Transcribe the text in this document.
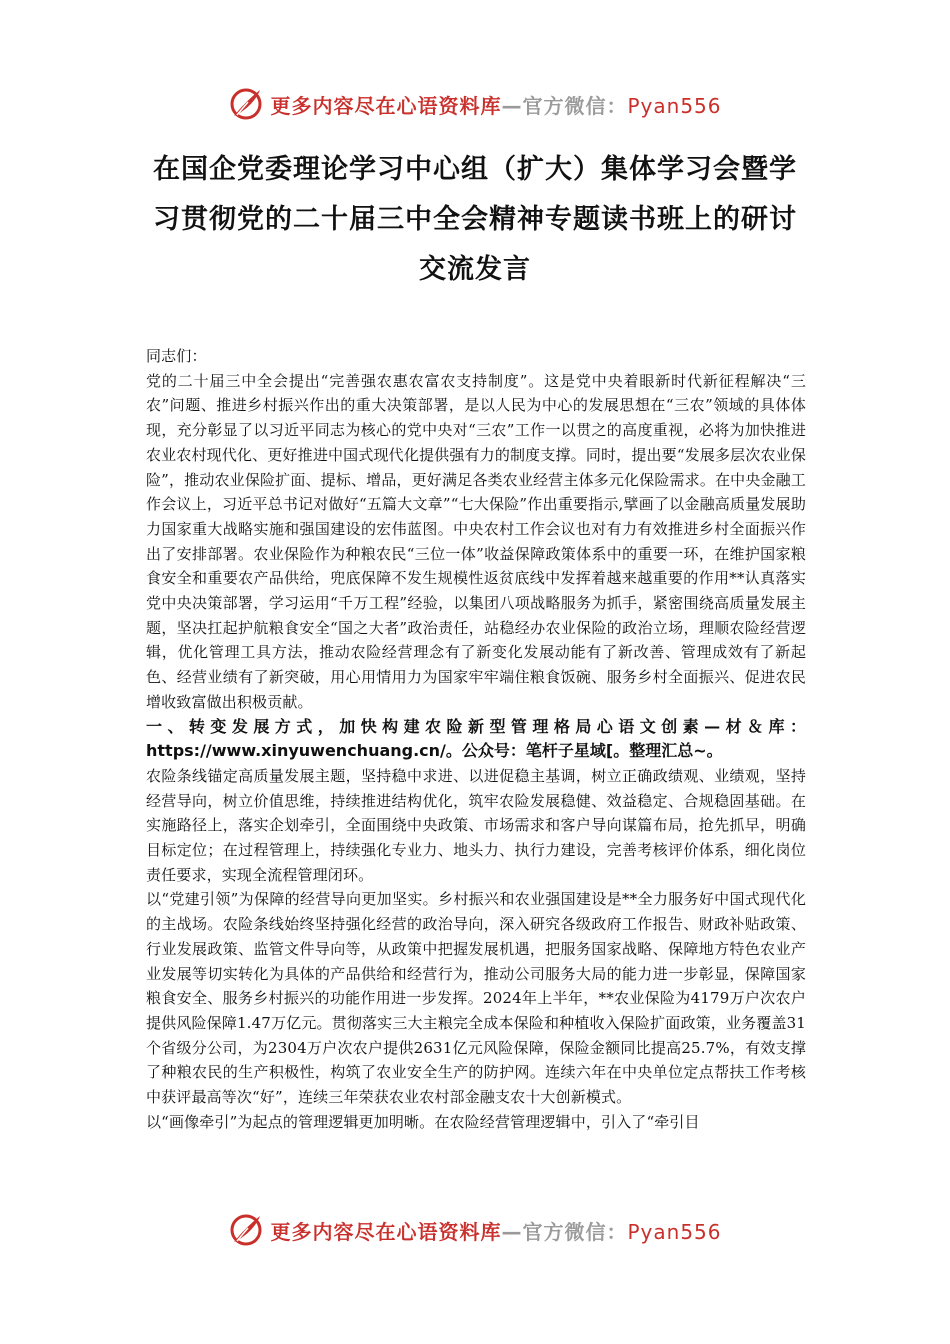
更多内容尽在心语资料库—官方微信：Pyan556
在国企党委理论学习中心组（扩大）集体学习会暨学
习贯彻党的二十届三中全会精神专题读书班上的研讨
交流发言

同志们：

党的二十届三中全会提出“完善强农惠农富农支持制度”。这是党中央着眼新时代新征程解决“三农”问题、推进乡村振兴作出的重大决策部署，是以人民为中心的发展思想在“三农”领域的具体体现，充分彰显了以习近平同志为核心的党中央对“三农”工作一以贯之的高度重视，必将为加快推进农业农村现代化、更好推进中国式现代化提供强有力的制度支撑。同时，提出要“发展多层次农业保险”，推动农业保险扩面、提标、增品，更好满足各类农业经营主体多元化保险需求。在中央金融工作会议上，习近平总书记对做好“五篇大文章”“七大保险”作出重要指示,擘画了以金融高质量发展助力国家重大战略实施和强国建设的宏伟蓝图。中央农村工作会议也对有力有效推进乡村全面振兴作出了安排部署。农业保险作为种粮农民“三位一体”收益保障政策体系中的重要一环，在维护国家粮食安全和重要农产品供给，兜底保障不发生规模性返贫底线中发挥着越来越重要的作用**认真落实党中央决策部署，学习运用“千万工程”经验，以集团八项战略服务为抓手，紧密围绕高质量发展主题，坚决扛起护航粮食安全“国之大者”政治责任，站稳经办农业保险的政治立场，理顺农险经营逻辑，优化管理工具方法，推动农险经营理念有了新变化发展动能有了新改善、管理成效有了新起色、经营业绩有了新突破，用心用情用力为国家牢牢端住粮食饭碗、服务乡村全面振兴、促进农民增收致富做出积极贡献。

一、转变发展方式，加快构建农险新型管理格局心语文创素—材＆库：https://www.xinyuwenchuang.cn/。公众号：笔杆子星域[。整理汇总~。

农险条线锚定高质量发展主题，坚持稳中求进、以进促稳主基调，树立正确政绩观、业绩观，坚持经营导向，树立价值思维，持续推进结构优化，筑牢农险发展稳健、效益稳定、合规稳固基础。在实施路径上，落实企划牵引，全面围绕中央政策、市场需求和客户导向谋篇布局，抢先抓早，明确目标定位；在过程管理上，持续强化专业力、地头力、执行力建设，完善考核评价体系，细化岗位责任要求，实现全流程管理闭环。

以“党建引领”为保障的经营导向更加坚实。乡村振兴和农业强国建设是**全力服务好中国式现代化的主战场。农险条线始终坚持强化经营的政治导向，深入研究各级政府工作报告、财政补贴政策、行业发展政策、监管文件导向等，从政策中把握发展机遇，把服务国家战略、保障地方特色农业产业发展等切实转化为具体的产品供给和经营行为，推动公司服务大局的能力进一步彰显，保障国家粮食安全、服务乡村振兴的功能作用进一步发挥。2024年上半年，**农业保险为4179万户次农户提供风险保障1.47万亿元。贯彻落实三大主粮完全成本保险和种植收入保险扩面政策，业务覆盖31个省级分公司，为2304万户次农户提供2631亿元风险保障，保险金额同比提高25.7%，有效支撑了种粮农民的生产积极性，构筑了农业安全生产的防护网。连续六年在中央单位定点帮扶工作考核中获评最高等次“好”，连续三年荣获农业农村部金融支农十大创新模式。

以“画像牵引”为起点的管理逻辑更加明晰。在农险经营管理逻辑中，引入了“牵引目

更多内容尽在心语资料库—官方微信：Pyan556
